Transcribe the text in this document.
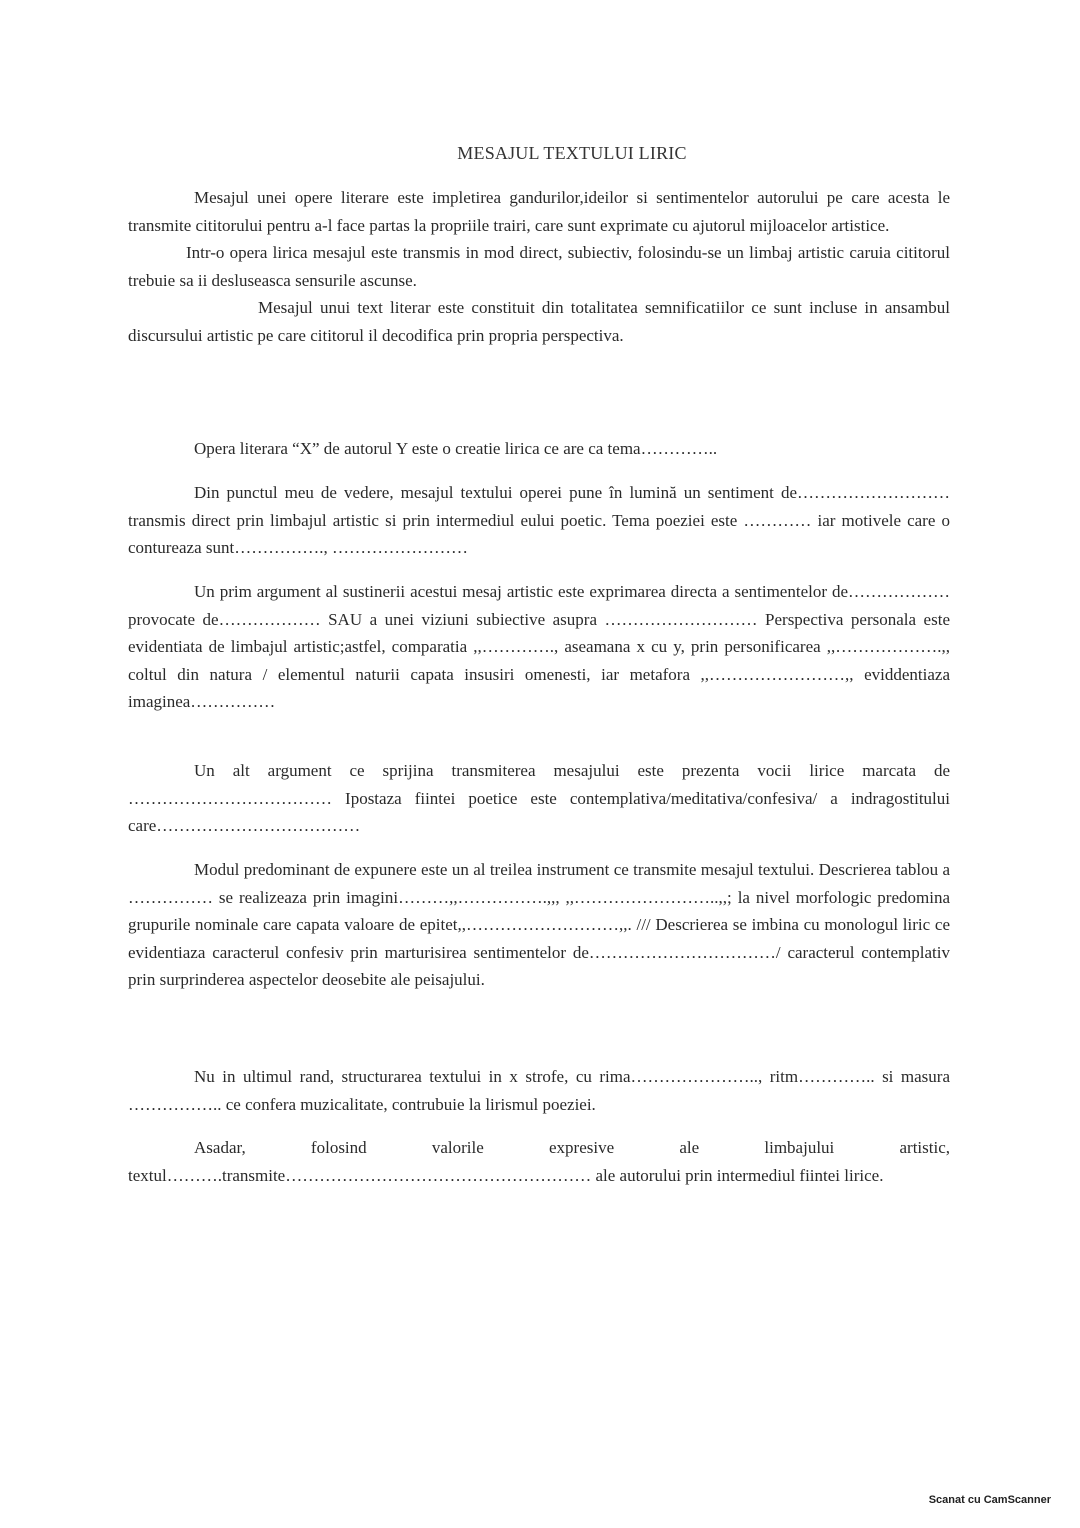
MESAJUL TEXTULUI LIRIC

Mesajul unei opere literare este impletirea gandurilor,ideilor si sentimentelor autorului pe care acesta le transmite cititorului pentru a-l face partas la propriile trairi, care sunt exprimate cu ajutorul mijloacelor artistice.

Intr-o opera lirica mesajul este transmis in mod direct, subiectiv, folosindu-se un limbaj artistic caruia cititorul trebuie sa ii desluseasca sensurile ascunse.

Mesajul unui text literar este constituit din totalitatea semnificatiilor ce sunt incluse in ansambul discursului artistic pe care cititorul il decodifica prin propria perspectiva.

Opera literara “X” de autorul Y este o creatie lirica ce are ca tema…………..

Din punctul meu de vedere, mesajul textului operei pune în lumină un sentiment de………………………transmis direct prin limbajul artistic si prin intermediul eului poetic. Tema poeziei este ………… iar motivele care o contureaza sunt……………., ……………………

Un prim argument al sustinerii acestui mesaj artistic este exprimarea directa a sentimentelor de………………provocate de……………… SAU a unei viziuni subiective asupra ……………………… Perspectiva personala este evidentiata de limbajul artistic;astfel, comparatia ,,…………., aseamana x cu y, prin personificarea ,,……………….,, coltul din natura / elementul naturii capata insusiri omenesti, iar metafora ,,……………………,, eviddentiaza imaginea……………

Un alt argument ce sprijina transmiterea mesajului este prezenta vocii lirice marcata de ……………………………… Ipostaza fiintei poetice este contemplativa/meditativa/confesiva/ a indragostitului care………………………………

Modul predominant de expunere este un al treilea instrument ce transmite mesajul textului. Descrierea tablou a …………… se realizeaza prin imagini………,,…………….,,, ,,……………………..,,; la nivel morfologic predomina grupurile nominale care capata valoare de epitet,,………………………,,. /// Descrierea se imbina cu monologul liric ce evidentiaza caracterul confesiv prin marturisirea sentimentelor de……………………………/ caracterul contemplativ prin surprinderea aspectelor deosebite ale peisajului.

Nu in ultimul rand, structurarea textului in x strofe, cu rima………………….., ritm………….. si masura …………….. ce confera muzicalitate, contrubuie la lirismul poeziei.

Asadar, folosind valorile expresive ale limbajului artistic, textul……….transmite……………………………………………… ale autorului prin intermediul fiintei lirice.

Scanat cu CamScanner
